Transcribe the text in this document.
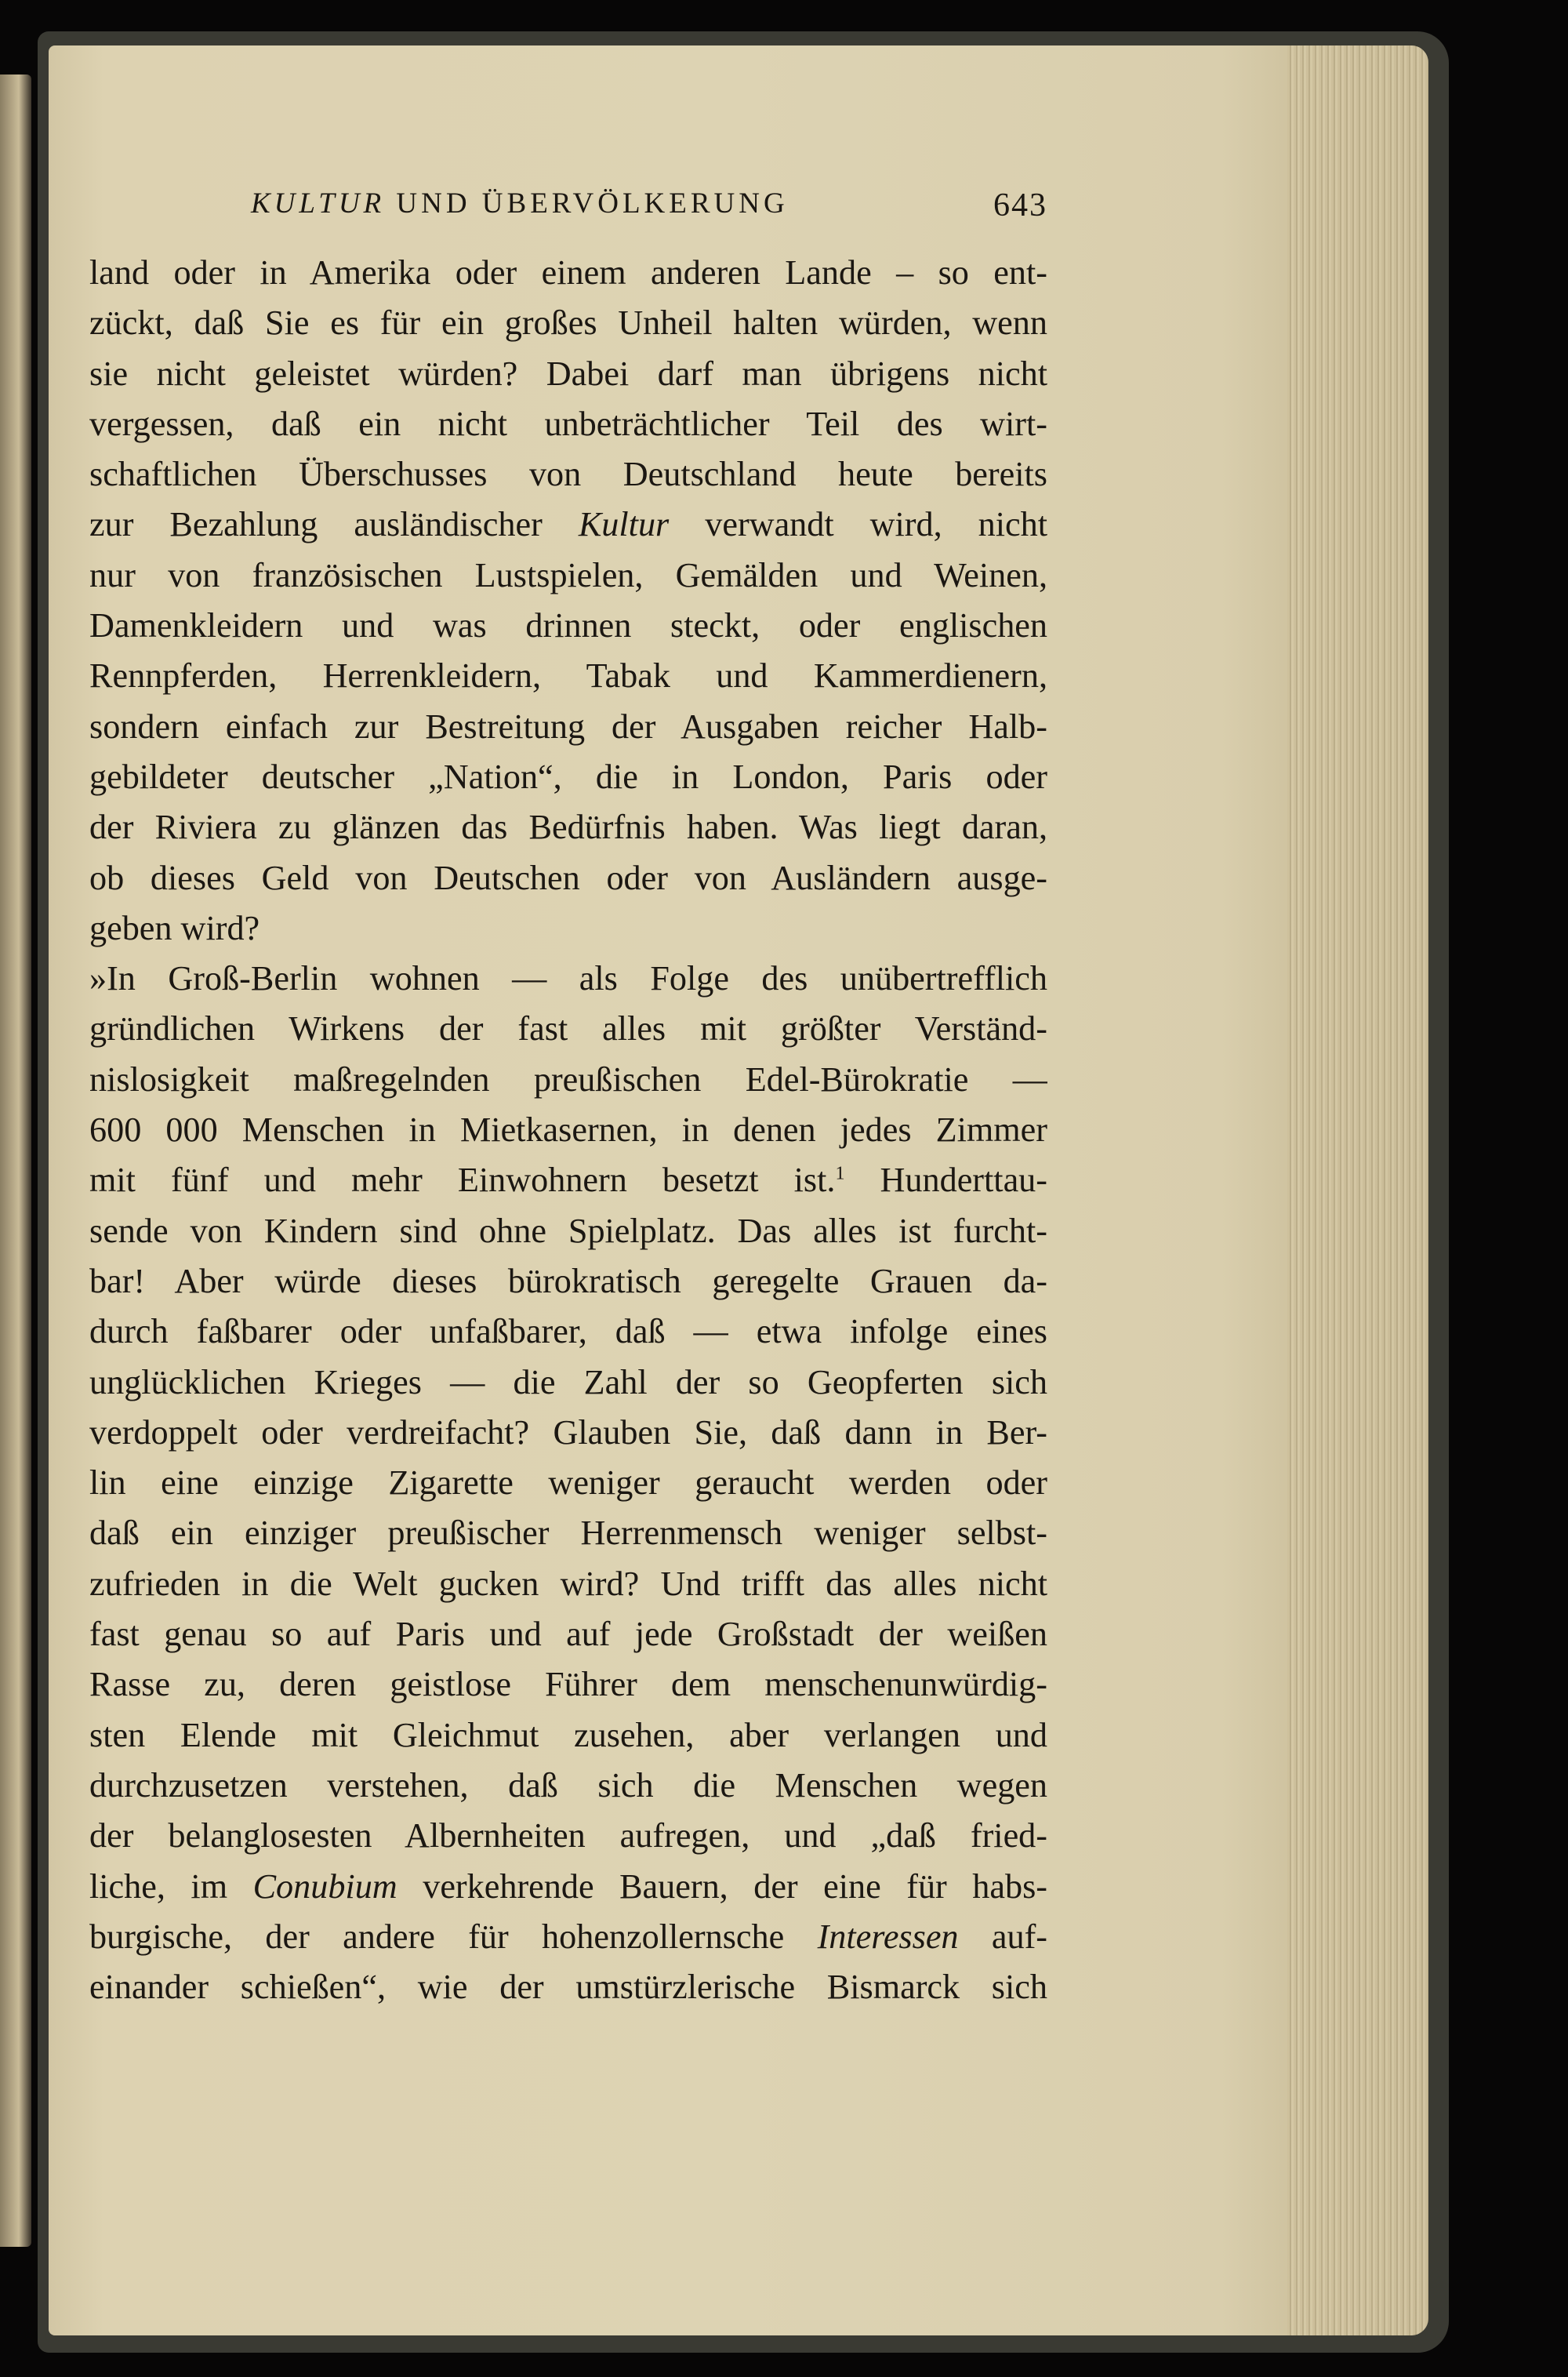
KULTUR UND ÜBERVÖLKERUNG	643
land oder in Amerika oder einem anderen Lande – so ent-
zückt, daß Sie es für ein großes Unheil halten würden, wenn
sie nicht geleistet würden? Dabei darf man übrigens nicht
vergessen, daß ein nicht unbeträchtlicher Teil des wirt-
schaftlichen Überschusses von Deutschland heute bereits
zur Bezahlung ausländischer Kultur verwandt wird, nicht
nur von französischen Lustspielen, Gemälden und Weinen,
Damenkleidern und was drinnen steckt, oder englischen
Rennpferden, Herrenkleidern, Tabak und Kammerdienern,
sondern einfach zur Bestreitung der Ausgaben reicher Halb-
gebildeter deutscher „Nation“, die in London, Paris oder
der Riviera zu glänzen das Bedürfnis haben. Was liegt daran,
ob dieses Geld von Deutschen oder von Ausländern ausge-
geben wird?
»In Groß-Berlin wohnen — als Folge des unübertrefflich
gründlichen Wirkens der fast alles mit größter Verständ-
nislosigkeit maßregelnden preußischen Edel-Bürokratie —
600 000 Menschen in Mietkasernen, in denen jedes Zimmer
mit fünf und mehr Einwohnern besetzt ist.$^1$ Hunderttau-
sende von Kindern sind ohne Spielplatz. Das alles ist furcht-
bar! Aber würde dieses bürokratisch geregelte Grauen da-
durch faßbarer oder unfaßbarer, daß — etwa infolge eines
unglücklichen Krieges — die Zahl der so Geopferten sich
verdoppelt oder verdreifacht? Glauben Sie, daß dann in Ber-
lin eine einzige Zigarette weniger geraucht werden oder
daß ein einziger preußischer Herrenmensch weniger selbst-
zufrieden in die Welt gucken wird? Und trifft das alles nicht
fast genau so auf Paris und auf jede Großstadt der weißen
Rasse zu, deren geistlose Führer dem menschenunwürdig-
sten Elende mit Gleichmut zusehen, aber verlangen und
durchzusetzen verstehen, daß sich die Menschen wegen
der belanglosesten Albernheiten aufregen, und „daß fried-
liche, im Conubium verkehrende Bauern, der eine für habs-
burgische, der andere für hohenzollernsche Interessen auf-
einander schießen“, wie der umstürzlerische Bismarck sich
